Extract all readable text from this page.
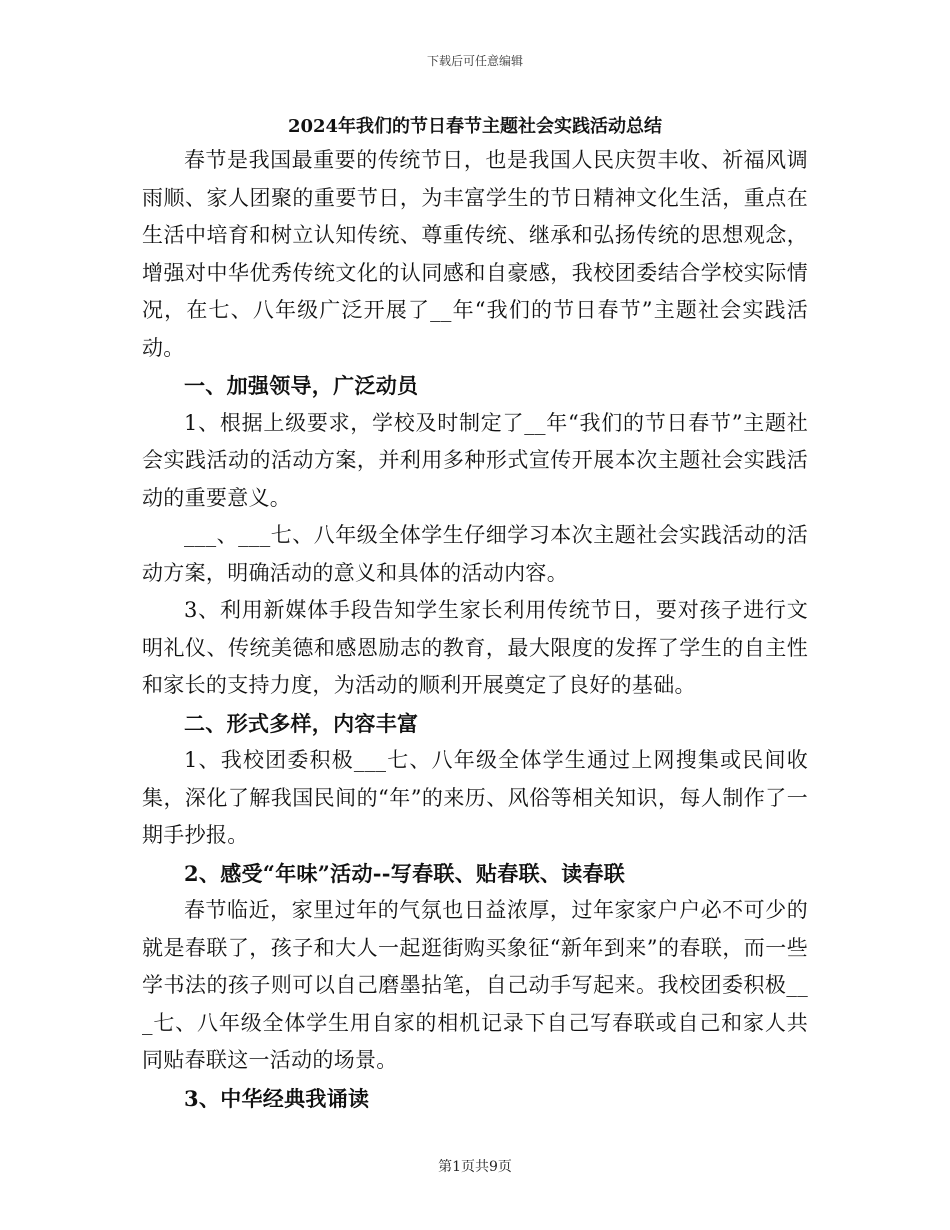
下载后可任意编辑
2024年我们的节日春节主题社会实践活动总结

春节是我国最重要的传统节日，也是我国人民庆贺丰收、祈福风调雨顺、家人团聚的重要节日，为丰富学生的节日精神文化生活，重点在生活中培育和树立认知传统、尊重传统、继承和弘扬传统的思想观念，增强对中华优秀传统文化的认同感和自豪感，我校团委结合学校实际情况，在七、八年级广泛开展了__年“我们的节日春节”主题社会实践活动。

一、加强领导，广泛动员

1、根据上级要求，学校及时制定了__年“我们的节日春节”主题社会实践活动的活动方案，并利用多种形式宣传开展本次主题社会实践活动的重要意义。

___、___七、八年级全体学生仔细学习本次主题社会实践活动的活动方案，明确活动的意义和具体的活动内容。

3、利用新媒体手段告知学生家长利用传统节日，要对孩子进行文明礼仪、传统美德和感恩励志的教育，最大限度的发挥了学生的自主性和家长的支持力度，为活动的顺利开展奠定了良好的基础。

二、形式多样，内容丰富

1、我校团委积极___七、八年级全体学生通过上网搜集或民间收集，深化了解我国民间的“年”的来历、风俗等相关知识，每人制作了一期手抄报。

2、感受“年味”活动--写春联、贴春联、读春联

春节临近，家里过年的气氛也日益浓厚，过年家家户户必不可少的就是春联了，孩子和大人一起逛街购买象征“新年到来”的春联，而一些学书法的孩子则可以自己磨墨拈笔，自己动手写起来。我校团委积极___七、八年级全体学生用自家的相机记录下自己写春联或自己和家人共同贴春联这一活动的场景。

3、中华经典我诵读

第1页共9页
